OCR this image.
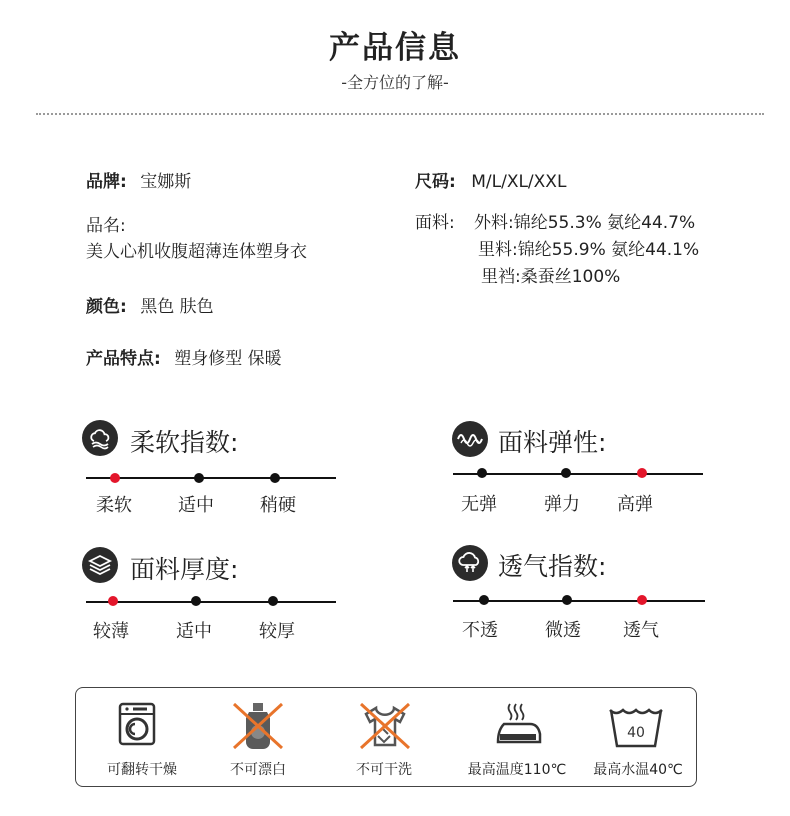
产品信息
-全方位的了解-
品牌: 宝娜斯
品名:
美人心机收腹超薄连体塑身衣
颜色: 黑色 肤色
产品特点: 塑身修型 保暖
尺码: M/L/XL/XXL
面料: 外料:锦纶55.3% 氨纶44.7%
里料:锦纶55.9% 氨纶44.1%
里裆:桑蚕丝100%
柔软指数:
柔软	适中	稍硬
面料弹性:
无弹	弹力 高弹
面料厚度:
较薄	适中	较厚
透气指数:
不透	微透 透气
可翻转干燥	不可漂白	不可干洗	最高温度110℃
40
最高水温40℃
